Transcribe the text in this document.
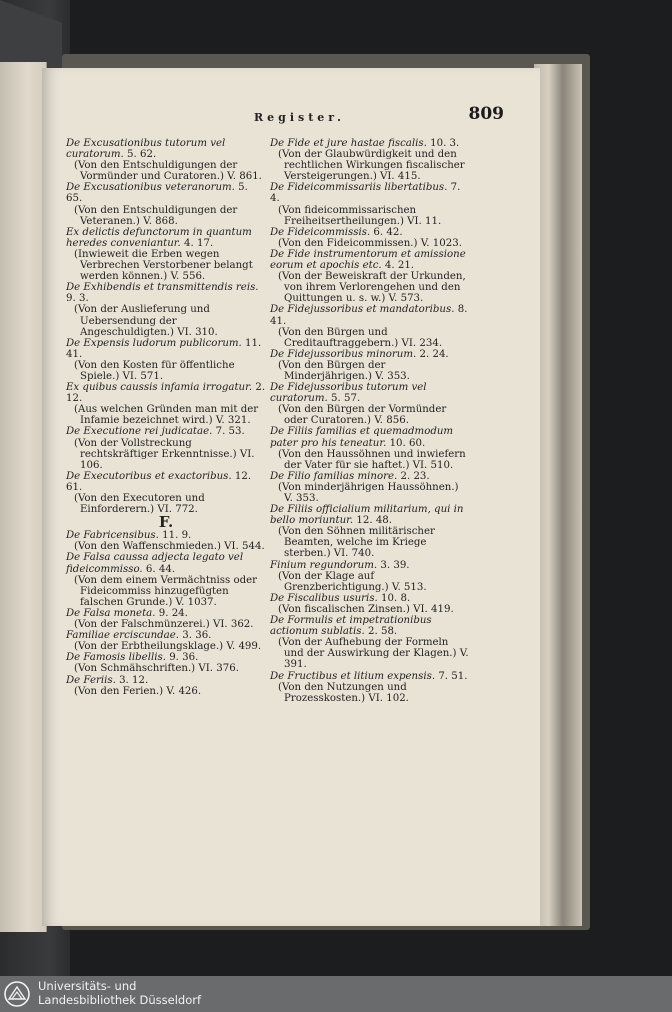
Register.	809

De Excusationibus tutorum vel curatorum. 5. 62.
(Von den Entschuldigungen der Vormünder und Curatoren.) V. 861.

De Excusationibus veteranorum. 5. 65.
(Von den Entschuldigungen der Veteranen.) V. 868.

Ex delictis defunctorum in quantum heredes conveniantur. 4. 17.
(Inwieweit die Erben wegen Verbrechen Verstorbener belangt werden können.) V. 556.

De Exhibendis et transmittendis reis. 9. 3.
(Von der Auslieferung und Uebersendung der Angeschuldigten.) VI. 310.

De Expensis ludorum publicorum. 11. 41.
(Von den Kosten für öffentliche Spiele.) VI. 571.

Ex quibus caussis infamia irrogatur. 2. 12.
(Aus welchen Gründen man mit der Infamie bezeichnet wird.) V. 321.

De Executione rei judicatae. 7. 53.
(Von der Vollstreckung rechtskräftiger Erkenntnisse.) VI. 106.

De Executoribus et exactoribus. 12. 61.
(Von den Executoren und Einforderern.) VI. 772.

F.

De Fabricensibus. 11. 9.
(Von den Waffenschmieden.) VI. 544.

De Falsa caussa adjecta legato vel fideicommisso. 6. 44.
(Von dem einem Vermächtniss oder Fideicommiss hinzugefügten falschen Grunde.) V. 1037.

De Falsa moneta. 9. 24.
(Von der Falschmünzerei.) VI. 362.

Familiae erciscundae. 3. 36.
(Von der Erbtheilungsklage.) V. 499.

De Famosis libellis. 9. 36.
(Von Schmähschriften.) VI. 376.

De Feriis. 3. 12.
(Von den Ferien.) V. 426.

De Fide et jure hastae fiscalis. 10. 3.
(Von der Glaubwürdigkeit und den rechtlichen Wirkungen fiscalischer Versteigerungen.) VI. 415.

De Fideicommissariis libertatibus. 7. 4.
(Von fideicommissarischen Freiheitsertheilungen.) VI. 11.

De Fideicommissis. 6. 42.
(Von den Fideicommissen.) V. 1023.

De Fide instrumentorum et amissione eorum et apochis etc. 4. 21.
(Von der Beweiskraft der Urkunden, von ihrem Verlorengehen und den Quittungen u. s. w.) V. 573.

De Fidejussoribus et mandatoribus. 8. 41.
(Von den Bürgen und Creditauftraggebern.) VI. 234.

De Fidejussoribus minorum. 2. 24.
(Von den Bürgen der Minderjährigen.) V. 353.

De Fidejussoribus tutorum vel curatorum. 5. 57.
(Von den Bürgen der Vormünder oder Curatoren.) V. 856.

De Filiis familias et quemadmodum pater pro his teneatur. 10. 60.
(Von den Haussöhnen und inwiefern der Vater für sie haftet.) VI. 510.

De Filio familias minore. 2. 23.
(Von minderjährigen Haussöhnen.) V. 353.

De Filiis officialium militarium, qui in bello moriuntur. 12. 48.
(Von den Söhnen militärischer Beamten, welche im Kriege sterben.) VI. 740.

Finium regundorum. 3. 39.
(Von der Klage auf Grenzberichtigung.) V. 513.

De Fiscalibus usuris. 10. 8.
(Von fiscalischen Zinsen.) VI. 419.

De Formulis et impetrationibus actionum sublatis. 2. 58.
(Von der Aufhebung der Formeln und der Auswirkung der Klagen.) V. 391.

De Fructibus et litium expensis. 7. 51.
(Von den Nutzungen und Prozesskosten.) VI. 102.

Universitäts- und
Landesbibliothek Düsseldorf
